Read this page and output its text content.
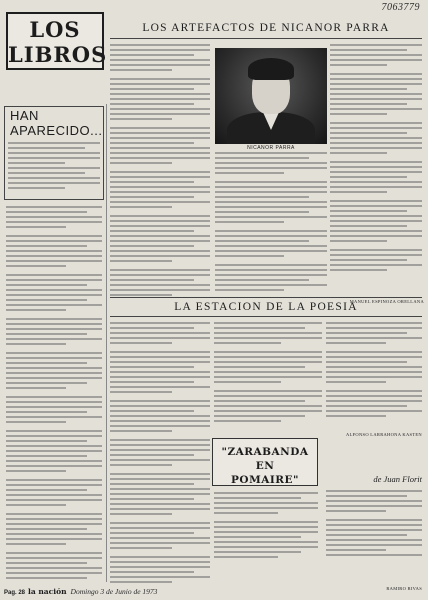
7063779
LOS
LIBROS
LOS ARTEFACTOS DE NICANOR PARRA
HAN
APARECIDO...
NICANOR PARRA
MANUEL ESPINOZA ORELLANA
LA ESTACION DE LA POESIA
ALFONSO LARRAHONA KASTEN
"ZARABANDA EN
POMAIRE"	de Juan Florit
RAMIRO RIVAS
Pag. 28 la nación Domingo 3 de Junio de 1973
